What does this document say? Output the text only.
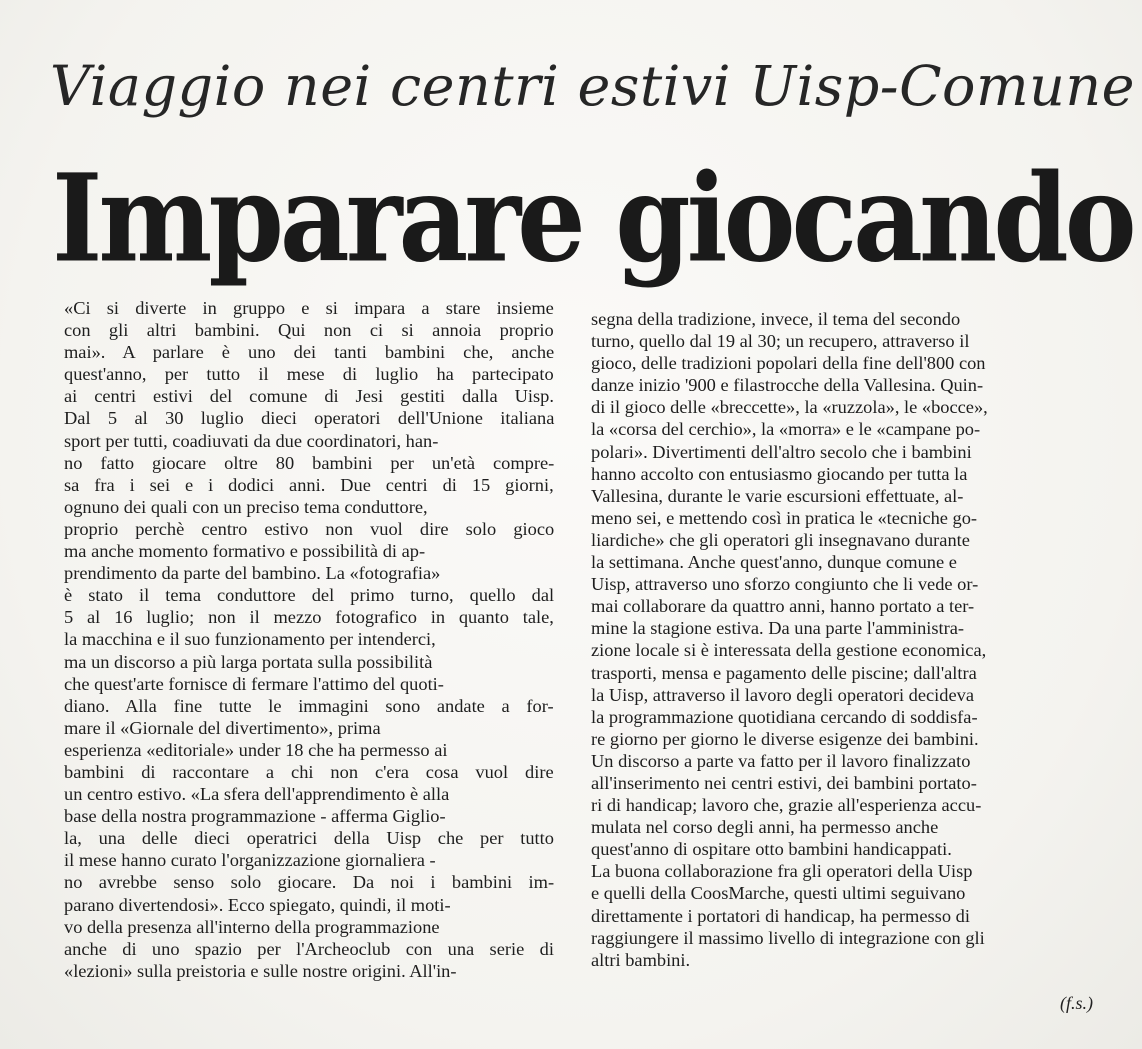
Viaggio nei centri estivi Uisp-Comune
Imparare giocando
«Ci si diverte in gruppo e si impara a stare insieme
con gli altri bambini. Qui non ci si annoia proprio
mai». A parlare è uno dei tanti bambini che, anche
quest'anno, per tutto il mese di luglio ha partecipato
ai centri estivi del comune di Jesi gestiti dalla Uisp.
Dal 5 al 30 luglio dieci operatori dell'Unione italiana
sport per tutti, coadiuvati da due coordinatori, han-
no fatto giocare oltre 80 bambini per un'età compre-
sa fra i sei e i dodici anni. Due centri di 15 giorni,
ognuno dei quali con un preciso tema conduttore,
proprio perchè centro estivo non vuol dire solo gioco
ma anche momento formativo e possibilità di ap-
prendimento da parte del bambino. La «fotografia»
è stato il tema conduttore del primo turno, quello dal
5 al 16 luglio; non il mezzo fotografico in quanto tale,
la macchina e il suo funzionamento per intenderci,
ma un discorso a più larga portata sulla possibilità
che quest'arte fornisce di fermare l'attimo del quoti-
diano. Alla fine tutte le immagini sono andate a for-
mare il «Giornale del divertimento», prima
esperienza «editoriale» under 18 che ha permesso ai
bambini di raccontare a chi non c'era cosa vuol dire
un centro estivo. «La sfera dell'apprendimento è alla
base della nostra programmazione - afferma Gigliо-
la, una delle dieci operatrici della Uisp che per tutto
il mese hanno curato l'organizzazione giornaliera -
no avrebbe senso solo giocare. Da noi i bambini im-
parano divertendosi». Ecco spiegato, quindi, il moti-
vo della presenza all'interno della programmazione
anche di uno spazio per l'Archeoclub con una serie di
«lezioni» sulla preistoria e sulle nostre origini. All'in-
segna della tradizione, invece, il tema del secondo
turno, quello dal 19 al 30; un recupero, attraverso il
gioco, delle tradizioni popolari della fine dell'800 con
danze inizio '900 e filastrocche della Vallesina. Quin-
di il gioco delle «breccette», la «ruzzola», le «bocce»,
la «corsa del cerchio», la «morra» e le «campane po-
polari». Divertimenti dell'altro secolo che i bambini
hanno accolto con entusiasmo giocando per tutta la
Vallesina, durante le varie escursioni effettuate, al-
meno sei, e mettendo così in pratica le «tecniche go-
liardiche» che gli operatori gli insegnavano durante
la settimana. Anche quest'anno, dunque comune e
Uisp, attraverso uno sforzo congiunto che li vede or-
mai collaborare da quattro anni, hanno portato a ter-
mine la stagione estiva. Da una parte l'amministra-
zione locale si è interessata della gestione economica,
trasporti, mensa e pagamento delle piscine; dall'altra
la Uisp, attraverso il lavoro degli operatori decideva
la programmazione quotidiana cercando di soddisfa-
re giorno per giorno le diverse esigenze dei bambini.
Un discorso a parte va fatto per il lavoro finalizzato
all'inserimento nei centri estivi, dei bambini portato-
ri di handicap; lavoro che, grazie all'esperienza accu-
mulata nel corso degli anni, ha permesso anche
quest'anno di ospitare otto bambini handicappati.
La buona collaborazione fra gli operatori della Uisp
e quelli della CoosMarche, questi ultimi seguivano
direttamente i portatori di handicap, ha permesso di
raggiungere il massimo livello di integrazione con gli
altri bambini.
(f.s.)
